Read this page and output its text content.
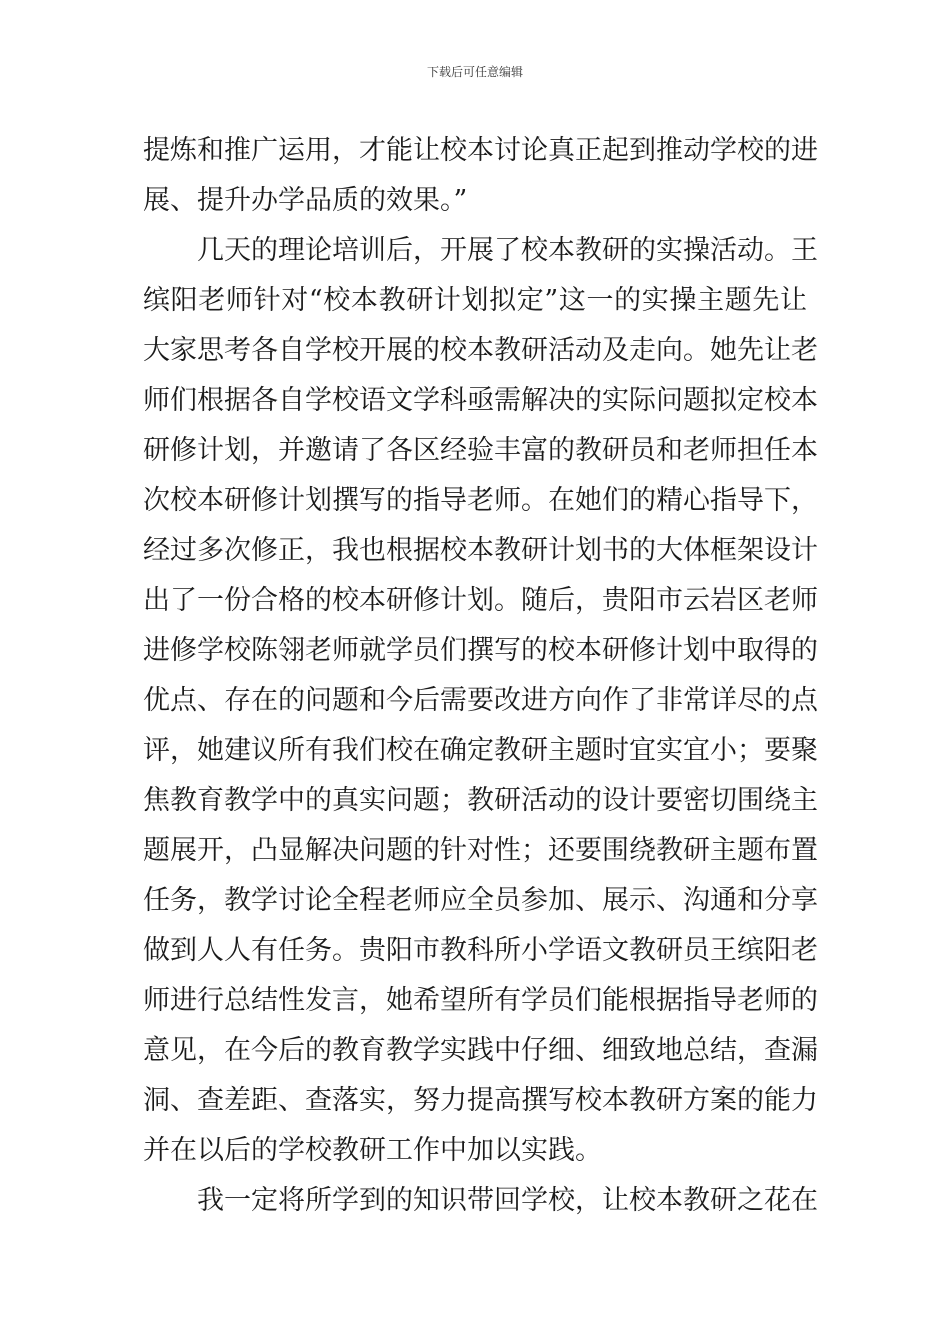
下载后可任意编辑
提炼和推广运用，才能让校本讨论真正起到推动学校的进
展、提升办学品质的效果。”
几天的理论培训后，开展了校本教研的实操活动。王
缤阳老师针对“校本教研计划拟定”这一的实操主题先让
大家思考各自学校开展的校本教研活动及走向。她先让老
师们根据各自学校语文学科亟需解决的实际问题拟定校本
研修计划，并邀请了各区经验丰富的教研员和老师担任本
次校本研修计划撰写的指导老师。在她们的精心指导下，
经过多次修正，我也根据校本教研计划书的大体框架设计
出了一份合格的校本研修计划。随后，贵阳市云岩区老师
进修学校陈翎老师就学员们撰写的校本研修计划中取得的
优点、存在的问题和今后需要改进方向作了非常详尽的点
评，她建议所有我们校在确定教研主题时宜实宜小；要聚
焦教育教学中的真实问题；教研活动的设计要密切围绕主
题展开，凸显解决问题的针对性；还要围绕教研主题布置
任务，教学讨论全程老师应全员参加、展示、沟通和分享
做到人人有任务。贵阳市教科所小学语文教研员王缤阳老
师进行总结性发言，她希望所有学员们能根据指导老师的
意见，在今后的教育教学实践中仔细、细致地总结，查漏
洞、查差距、查落实，努力提高撰写校本教研方案的能力
并在以后的学校教研工作中加以实践。
我一定将所学到的知识带回学校，让校本教研之花在
